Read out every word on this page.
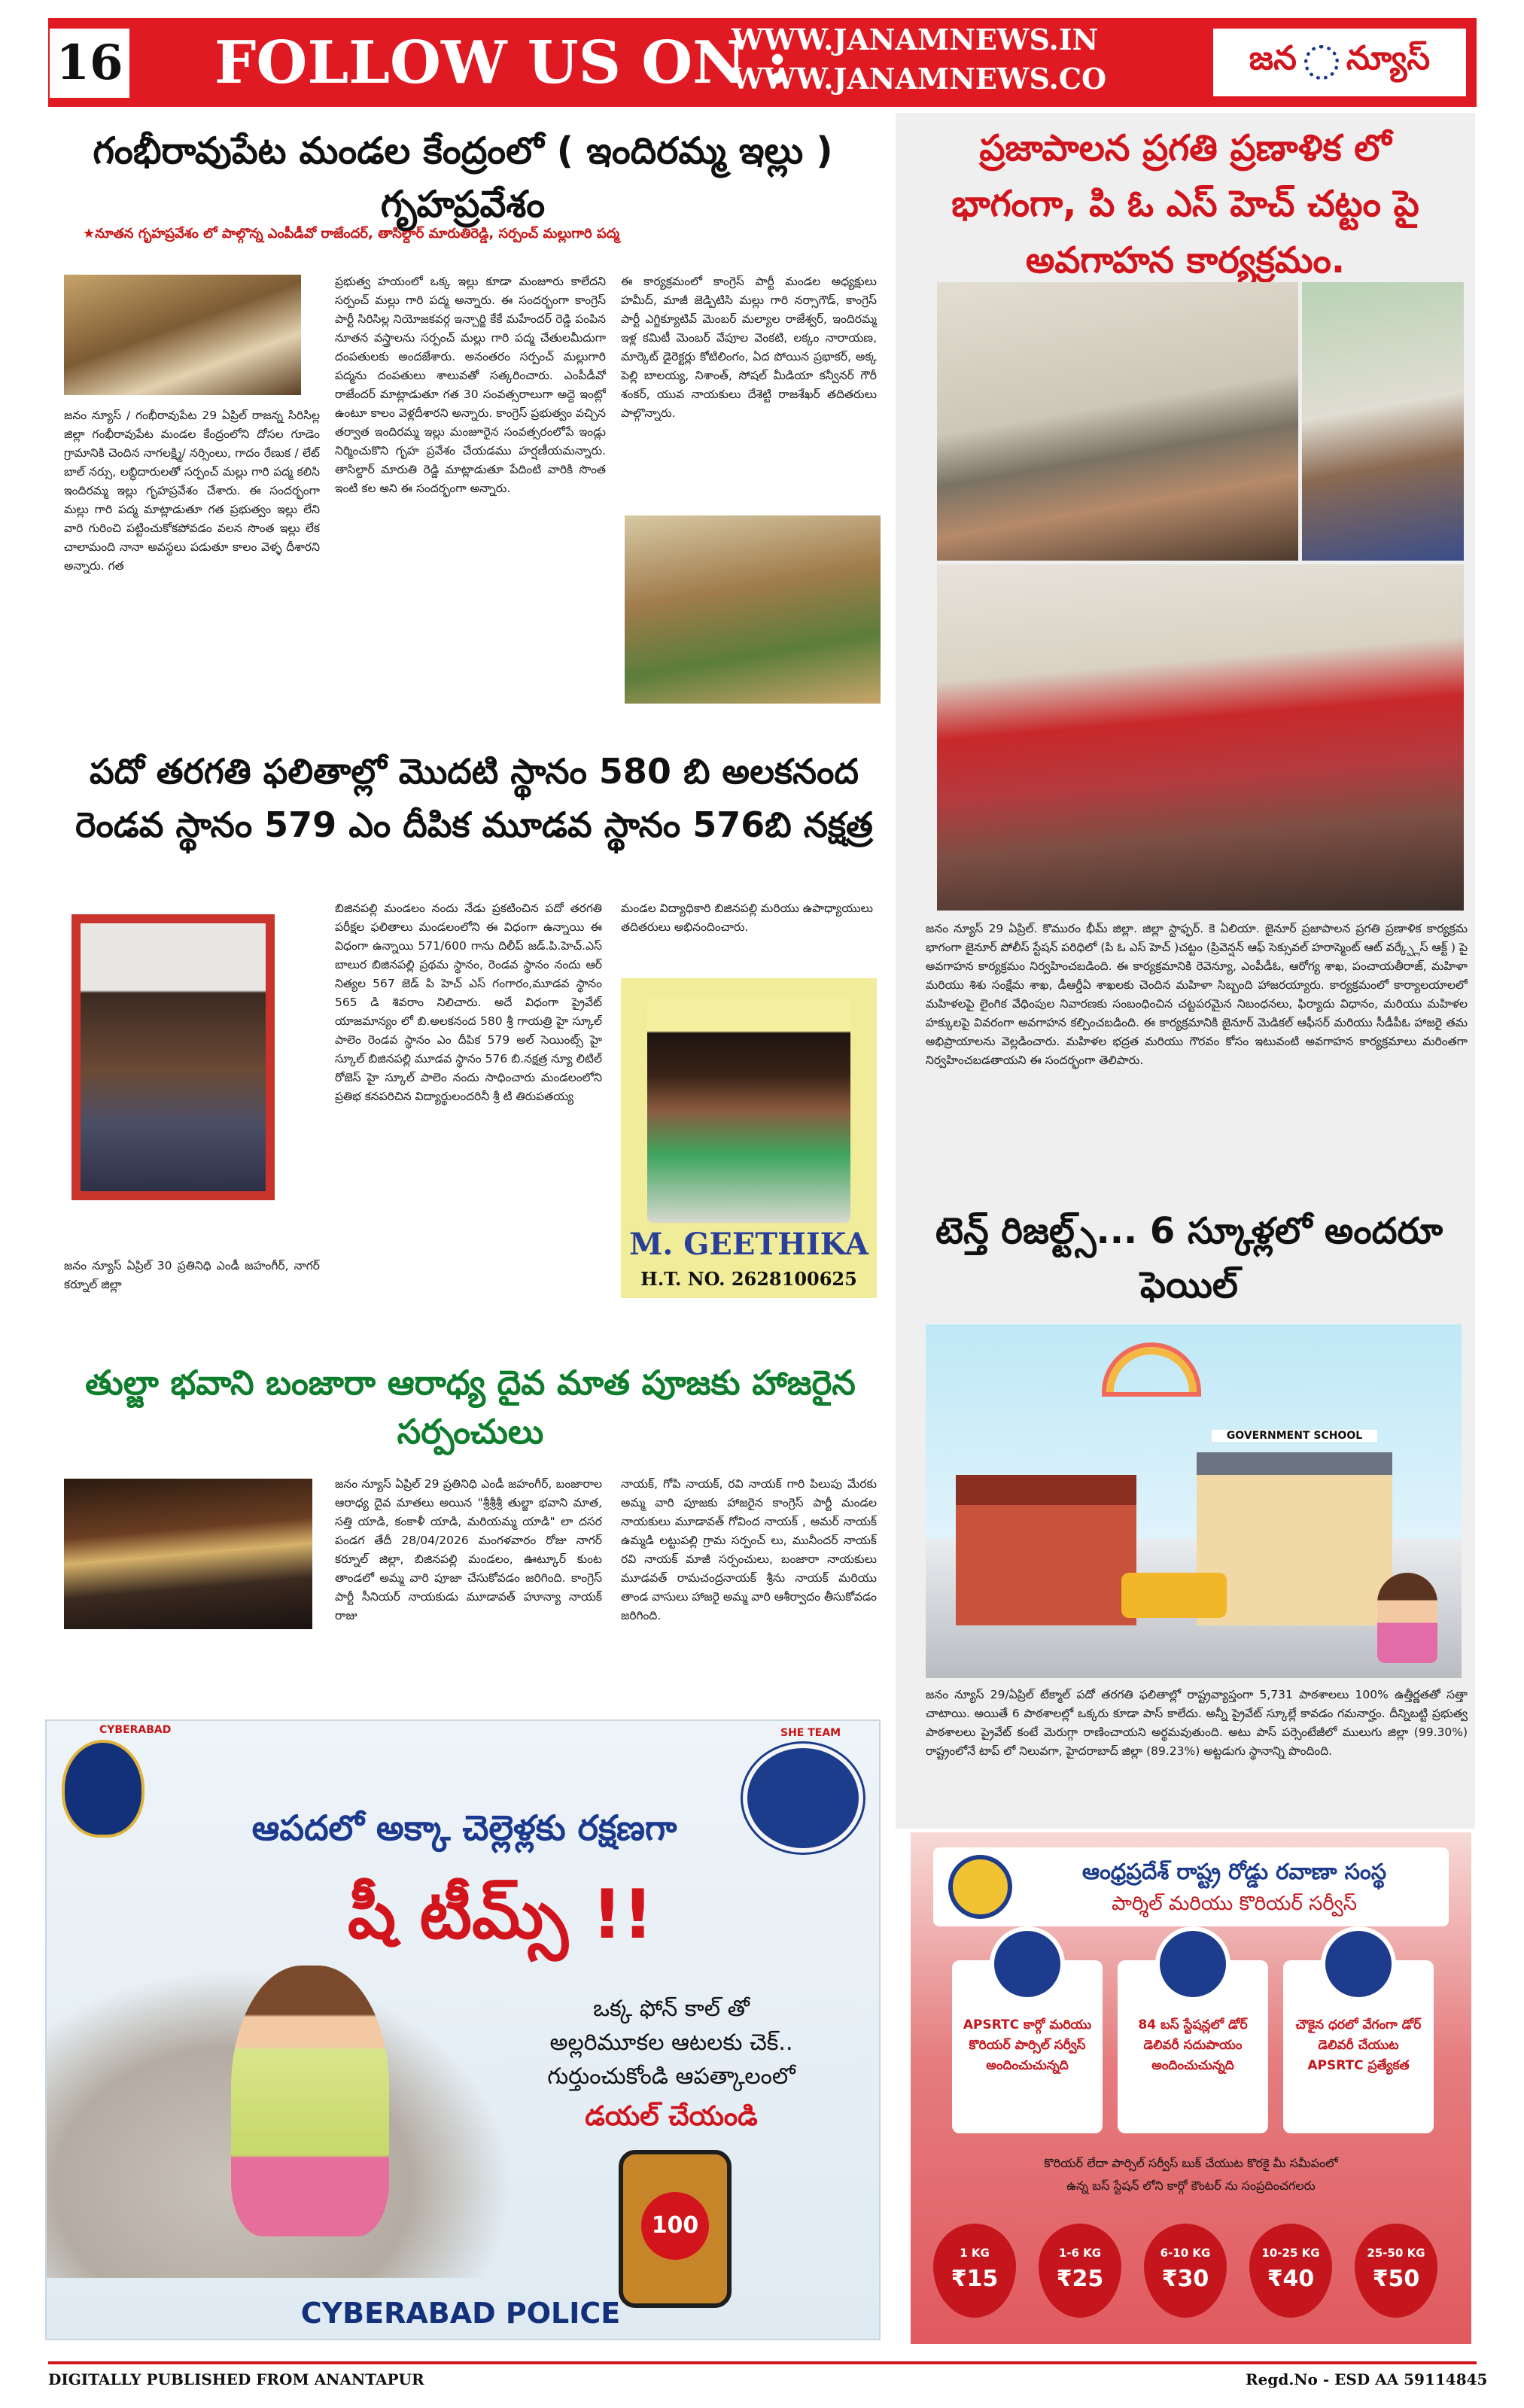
16 FOLLOW US ON :
WWW.JANAMNEWS.IN
WWW.JANAMNEWS.CO
జన న్యూస్
గంభీరావుపేట మండల కేంద్రంలో ( ఇందిరమ్మ ఇల్లు ) గృహప్రవేశం
★నూతన గృహప్రవేశం లో పాల్గొన్న ఎంపీడీవో రాజేందర్, తాసిల్దార్ మారుతిరెడ్డి, సర్పంచ్ మల్లుగారి పద్మ
జనం న్యూస్ / గంభీరావుపేట 29 ఏప్రిల్ రాజన్న సిరిసిల్ల జిల్లా గంభీరావుపేట మండల కేంద్రంలోని దోసల గూడెం గ్రామానికి చెందిన నాగలక్ష్మి/ నర్సింలు, గాదం రేణుక / లేట్ బాల్ నర్సు, లబ్ధిదారులతో సర్పంచ్ మల్లు గారి పద్మ కలిసి ఇందిరమ్మ ఇల్లు గృహప్రవేశం చేశారు. ఈ సందర్భంగా మల్లు గారి పద్మ మాట్లాడుతూ గత ప్రభుత్వం ఇల్లు లేని వారి గురించి పట్టించుకోకపోవడం వలన సొంత ఇల్లు లేక చాలామంది నానా అవస్థలు పడుతూ కాలం వెళ్ళ దీశారని అన్నారు. గత
ప్రభుత్వ హయంలో ఒక్క ఇల్లు కూడా మంజూరు కాలేదని సర్పంచ్ మల్లు గారి పద్మ అన్నారు. ఈ సందర్భంగా కాంగ్రెస్ పార్టీ సిరిసిల్ల నియోజకవర్గ ఇన్చార్జి కేకే మహేందర్ రెడ్డి పంపిన నూతన వస్త్రాలను సర్పంచ్ మల్లు గారి పద్మ చేతులమీదుగా దంపతులకు అందజేశారు. అనంతరం సర్పంచ్ మల్లుగారి పద్మను దంపతులు శాలువతో సత్కరించారు. ఎంపీడీవో రాజేందర్ మాట్లాడుతూ గత 30 సంవత్సరాలుగా అద్దె ఇంట్లో ఉంటూ కాలం వెళ్లదీశారని అన్నారు. కాంగ్రెస్ ప్రభుత్వం వచ్చిన తర్వాత ఇందిరమ్మ ఇల్లు మంజూరైన సంవత్సరంలోపే ఇండ్లు నిర్మించుకొని గృహ ప్రవేశం చేయడము హర్షణీయమన్నారు. తాసిల్దార్ మారుతి రెడ్డి మాట్లాడుతూ పేదింటి వారికి సొంత ఇంటి కల అని ఈ సందర్భంగా అన్నారు.
ఈ కార్యక్రమంలో కాంగ్రెస్ పార్టీ మండల అధ్యక్షులు హమీద్, మాజీ జెడ్పిటిసి మల్లు గారి నర్సాగౌడ్, కాంగ్రెస్ పార్టీ ఎగ్జిక్యూటివ్ మెంబర్ మల్యాల రాజేశ్వర్, ఇందిరమ్మ ఇళ్ల కమిటీ మెంబర్ వేపూల వెంకటి, లక్కం నారాయణ, మార్కెట్ డైరెక్టర్లు కోటిలింగం, ఏద పోయిన ప్రభాకర్, అక్క పెల్లి బాలయ్య, నిశాంత్, సోషల్ మీడియా కన్వీనర్ గౌరీ శంకర్, యువ నాయకులు దేశెట్టి రాజశేఖర్ తదితరులు పాల్గొన్నారు.
పదో తరగతి ఫలితాల్లో మొదటి స్థానం 580 బి అలకనంద రెండవ స్థానం 579 ఎం దీపిక మూడవ స్థానం 576బి నక్షత్ర
జనం న్యూస్ ఏప్రిల్ 30 ప్రతినిధి ఎండీ జహంగీర్, నాగర్ కర్నూల్ జిల్లా
బిజినపల్లి మండలం నందు నేడు ప్రకటించిన పదో తరగతి పరీక్షల ఫలితాలు మండలంలోని ఈ విధంగా ఉన్నాయి ఈ విధంగా ఉన్నాయి 571/600 గాను దిలీప్ జడ్.పి.హెచ్.ఎస్ బాలుర బిజినపల్లి ప్రథమ స్థానం, రెండవ స్థానం నందు ఆర్ నిత్యల 567 జెడ్ పి హెచ్ ఎస్ గంగారం,మూడవ స్థానం 565 డి శివరాం నిలిచారు. అదే విధంగా ప్రైవేట్ యాజమాన్యం లో బి.అలకనంద 580 శ్రీ గాయత్రి హై స్కూల్ పాలెం రెండవ స్థానం ఎం దీపిక 579 అల్ సెయింట్స్ హై స్కూల్ బిజినపల్లి మూడవ స్థానం 576 బి.నక్షత్ర న్యూ లిటిల్ రోజెస్ హై స్కూల్ పాలెం నందు సాధించారు మండలంలోని ప్రతిభ కనపరిచిన విద్యార్థులందరినీ శ్రీ టి తిరుపతయ్య
మండల విద్యాధికారి బిజినపల్లి మరియు ఉపాధ్యాయులు తదితరులు అభినందించారు.
M. GEETHIKA
H.T. NO. 2628100625
తుల్జా భవాని బంజారా ఆరాధ్య దైవ మాత పూజకు హాజరైన సర్పంచులు
జనం న్యూస్ ఏప్రిల్ 29 ప్రతినిధి ఎండీ జహంగీర్, బంజారాల ఆరాధ్య దైవ మాతలు అయిన "శ్రీశ్రీశ్రీ తుల్జా భవాని మాత, సత్తి యాడి, కంకాళీ యాడి, మరియమ్మ యాడి" లా దసర పండగ తేదీ 28/04/2026 మంగళవారం రోజు నాగర్ కర్నూల్ జిల్లా, బిజినపల్లి మండలం, ఊట్కూర్ కుంట తాండలో అమ్మ వారి పూజా చేసుకోవడం జరిగింది. కాంగ్రెస్ పార్టీ సీనియర్ నాయకుడు మూడావత్ హూన్యా నాయక్ రాజు
నాయక్, గోపి నాయక్, రవి నాయక్ గారి పిలుపు మేరకు అమ్మ వారి పూజకు హాజరైన కాంగ్రెస్ పార్టీ మండల నాయకులు మూడావత్ గోవింద నాయక్ , అమర్ నాయక్ ఉమ్మడి లట్టుపల్లి గ్రామ సర్పంచ్ లు, మునీందర్ నాయక్ రవి నాయక్ మాజీ సర్పంచులు, బంజారా నాయకులు మూడవత్ రామచంద్రనాయక్ శ్రీను నాయక్ మరియు తాండ వాసులు హాజరై అమ్మ వారి ఆశీర్వాదం తీసుకోవడం జరిగింది.
CYBERABAD	SHE TEAM
ఆపదలో అక్కా చెల్లెళ్లకు రక్షణగా
షీ టీమ్స్ !!
ఒక్క ఫోన్ కాల్ తో
అల్లరిమూకల ఆటలకు చెక్..
గుర్తుంచుకోండి ఆపత్కాలంలో
డయల్ చేయండి
100
CYBERABAD POLICE
ప్రజాపాలన ప్రగతి ప్రణాళిక లో భాగంగా, పి ఓ ఎస్ హెచ్ చట్టం పై అవగాహన కార్యక్రమం.
జనం న్యూస్ 29 ఏప్రిల్. కొమురం భీమ్ జిల్లా. జిల్లా స్టాఫ్ఫర్. కె ఏలియా. జైనూర్ ప్రజాపాలన ప్రగతి ప్రణాళిక కార్యక్రమ భాగంగా జైనూర్ పోలీస్ స్టేషన్ పరిధిలో (పి ఓ ఎస్ హెచ్ )చట్టం (ప్రివెన్షన్ ఆఫ్ సెక్సువల్ హరాస్మెంట్ ఆట్ వర్క్ప్లేస్ ఆక్ట్ ) పై అవగాహన కార్యక్రమం నిర్వహించబడింది. ఈ కార్యక్రమానికి రెవెన్యూ, ఎంపీడీఓ, ఆరోగ్య శాఖ, పంచాయతీరాజ్, మహిళా మరియు శిశు సంక్షేమ శాఖ, డీఆర్డీఏ శాఖలకు చెందిన మహిళా సిబ్బంది హాజరయ్యారు. కార్యక్రమంలో కార్యాలయాలలో మహిళలపై లైంగిక వేధింపుల నివారణకు సంబంధించిన చట్టపరమైన నిబంధనలు, ఫిర్యాదు విధానం, మరియు మహిళల హక్కులపై వివరంగా అవగాహన కల్పించబడింది. ఈ కార్యక్రమానికి జైనూర్ మెడికల్ ఆఫీసర్ మరియు సీడీపీఓ హాజరై తమ అభిప్రాయాలను వెల్లడించారు. మహిళల భద్రత మరియు గౌరవం కోసం ఇటువంటి అవగాహన కార్యక్రమాలు మరింతగా నిర్వహించబడతాయని ఈ సందర్భంగా తెలిపారు.
టెన్త్ రిజల్ట్స్... 6 స్కూళ్లలో అందరూ ఫెయిల్
GOVERNMENT SCHOOL
జనం న్యూస్ 29/ఏప్రిల్ టేక్మాల్ పదో తరగతి ఫలితాల్లో రాష్ట్రవ్యాప్తంగా 5,731 పాఠశాలలు 100% ఉత్తీర్ణతతో సత్తా చాటాయి. అయితే 6 పాఠశాలల్లో ఒక్కరు కూడా పాస్ కాలేదు. అన్నీ ప్రైవేట్ స్కూల్లే కావడం గమనార్హం. దీన్నిబట్టి ప్రభుత్వ పాఠశాలలు ప్రైవేట్ కంటే మెరుగ్గా రాణించాయని అర్థమవుతుంది. అటు పాస్ పర్సెంటేజీలో ములుగు జిల్లా (99.30%) రాష్ట్రంలోనే టాప్ లో నిలువగా, హైదరాబాద్ జిల్లా (89.23%) అట్టడుగు స్థానాన్ని పొందింది.
ఆంధ్రప్రదేశ్ రాష్ట్ర రోడ్డు రవాణా సంస్థ
పార్శిల్ మరియు కొరియర్ సర్వీస్
APSRTC కార్గో మరియు కొరియర్ పార్సిల్ సర్వీస్ అందించుచున్నది
84 బస్ స్టేషన్లలో డోర్ డెలివరీ సదుపాయం అందించుచున్నది
చౌకైన ధరలో వేగంగా డోర్ డెలివరీ చేయుట APSRTC ప్రత్యేకత
కొరియర్ లేదా పార్సిల్ సర్వీస్ బుక్ చేయుట కొరకై మీ సమీపంలో
ఉన్న బస్ స్టేషన్ లోని కార్గో కౌంటర్ ను సంప్రదించగలరు
1 KG
₹15
1-6 KG
₹25
6-10 KG
₹30
10-25 KG
₹40
25-50 KG
₹50
DIGITALLY PUBLISHED FROM ANANTAPUR	Regd.No - ESD AA 59114845
